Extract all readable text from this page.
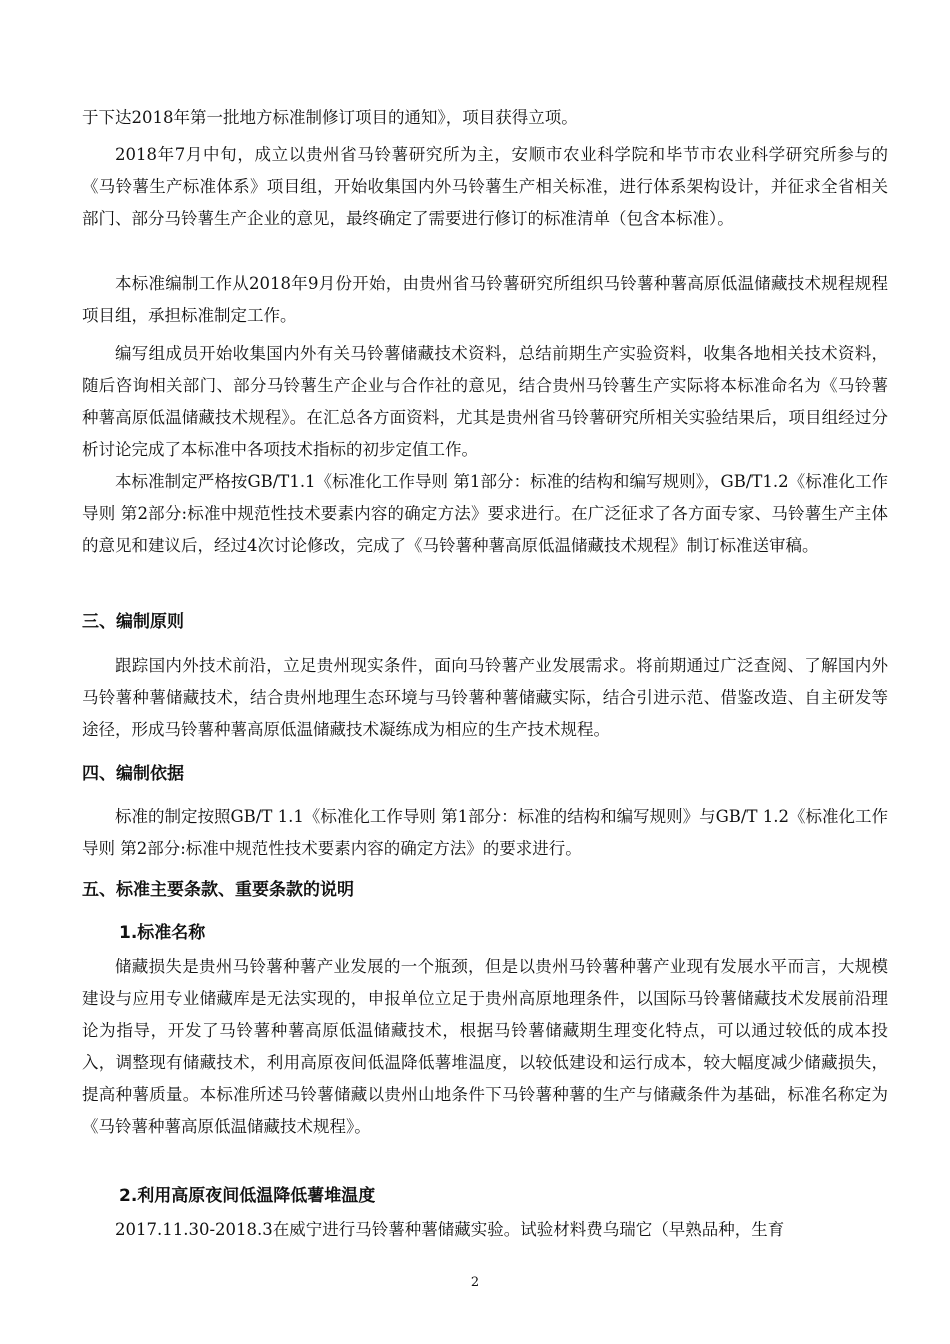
于下达2018年第一批地方标准制修订项目的通知》，项目获得立项。

2018年7月中旬，成立以贵州省马铃薯研究所为主，安顺市农业科学院和毕节市农业科学研究所参与的《马铃薯生产标准体系》项目组，开始收集国内外马铃薯生产相关标准，进行体系架构设计，并征求全省相关部门、部分马铃薯生产企业的意见，最终确定了需要进行修订的标准清单（包含本标准）。

本标准编制工作从2018年9月份开始，由贵州省马铃薯研究所组织马铃薯种薯高原低温储藏技术规程规程项目组，承担标准制定工作。

编写组成员开始收集国内外有关马铃薯储藏技术资料，总结前期生产实验资料，收集各地相关技术资料，随后咨询相关部门、部分马铃薯生产企业与合作社的意见，结合贵州马铃薯生产实际将本标准命名为《马铃薯种薯高原低温储藏技术规程》。在汇总各方面资料，尤其是贵州省马铃薯研究所相关实验结果后，项目组经过分析讨论完成了本标准中各项技术指标的初步定值工作。

本标准制定严格按GB/T1.1《标准化工作导则 第1部分：标准的结构和编写规则》，GB/T1.2《标准化工作导则 第2部分:标准中规范性技术要素内容的确定方法》要求进行。在广泛征求了各方面专家、马铃薯生产主体的意见和建议后，经过4次讨论修改，完成了《马铃薯种薯高原低温储藏技术规程》制订标准送审稿。

三、编制原则

跟踪国内外技术前沿，立足贵州现实条件，面向马铃薯产业发展需求。将前期通过广泛查阅、了解国内外马铃薯种薯储藏技术，结合贵州地理生态环境与马铃薯种薯储藏实际，结合引进示范、借鉴改造、自主研发等途径，形成马铃薯种薯高原低温储藏技术凝练成为相应的生产技术规程。

四、编制依据

标准的制定按照GB/T 1.1《标准化工作导则 第1部分：标准的结构和编写规则》与GB/T 1.2《标准化工作导则 第2部分:标准中规范性技术要素内容的确定方法》的要求进行。

五、标准主要条款、重要条款的说明
1.标准名称

储藏损失是贵州马铃薯种薯产业发展的一个瓶颈，但是以贵州马铃薯种薯产业现有发展水平而言，大规模建设与应用专业储藏库是无法实现的，申报单位立足于贵州高原地理条件，以国际马铃薯储藏技术发展前沿理论为指导，开发了马铃薯种薯高原低温储藏技术，根据马铃薯储藏期生理变化特点，可以通过较低的成本投入，调整现有储藏技术，利用高原夜间低温降低薯堆温度，以较低建设和运行成本，较大幅度减少储藏损失，提高种薯质量。本标准所述马铃薯储藏以贵州山地条件下马铃薯种薯的生产与储藏条件为基础，标准名称定为《马铃薯种薯高原低温储藏技术规程》。

2.利用高原夜间低温降低薯堆温度

2017.11.30-2018.3在威宁进行马铃薯种薯储藏实验。试验材料费乌瑞它（早熟品种，生育

2
